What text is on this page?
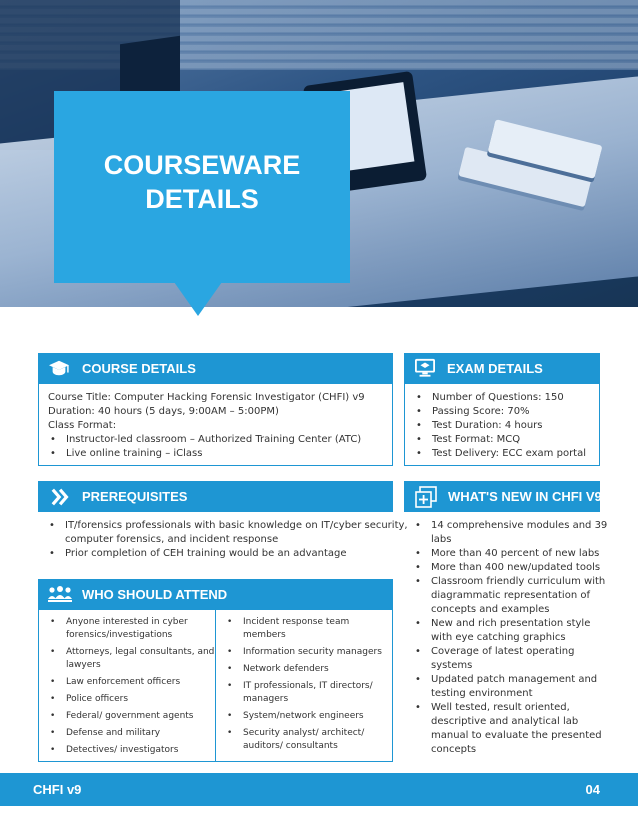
COURSEWARE
DETAILS
COURSE DETAILS
Course Title: Computer Hacking Forensic Investigator (CHFI) v9
Duration: 40 hours (5 days, 9:00AM – 5:00PM)
Class Format:
• Instructor-led classroom – Authorized Training Center (ATC)
• Live online training – iClass
EXAM DETAILS
• Number of Questions: 150
• Passing Score: 70%
• Test Duration: 4 hours
• Test Format: MCQ
• Test Delivery: ECC exam portal
PREREQUISITES
• IT/forensics professionals with basic knowledge on IT/cyber security,
computer forensics, and incident response
• Prior completion of CEH training would be an advantage
WHAT'S NEW IN CHFI V9
• 14 comprehensive modules and 39
labs
• More than 40 percent of new labs
• More than 400 new/updated tools
• Classroom friendly curriculum with
diagrammatic representation of
concepts and examples
• New and rich presentation style
with eye catching graphics
• Coverage of latest operating
systems
• Updated patch management and
testing environment
• Well tested, result oriented,
descriptive and analytical lab
manual to evaluate the presented
concepts
WHO SHOULD ATTEND
• Anyone interested in cyber
forensics/investigations
• Attorneys, legal consultants, and
lawyers
• Law enforcement officers
• Police officers
• Federal/ government agents
• Defense and military
• Detectives/ investigators
• Incident response team
members
• Information security managers
• Network defenders
• IT professionals, IT directors/
managers
• System/network engineers
• Security analyst/ architect/
auditors/ consultants
CHFI v9	04
